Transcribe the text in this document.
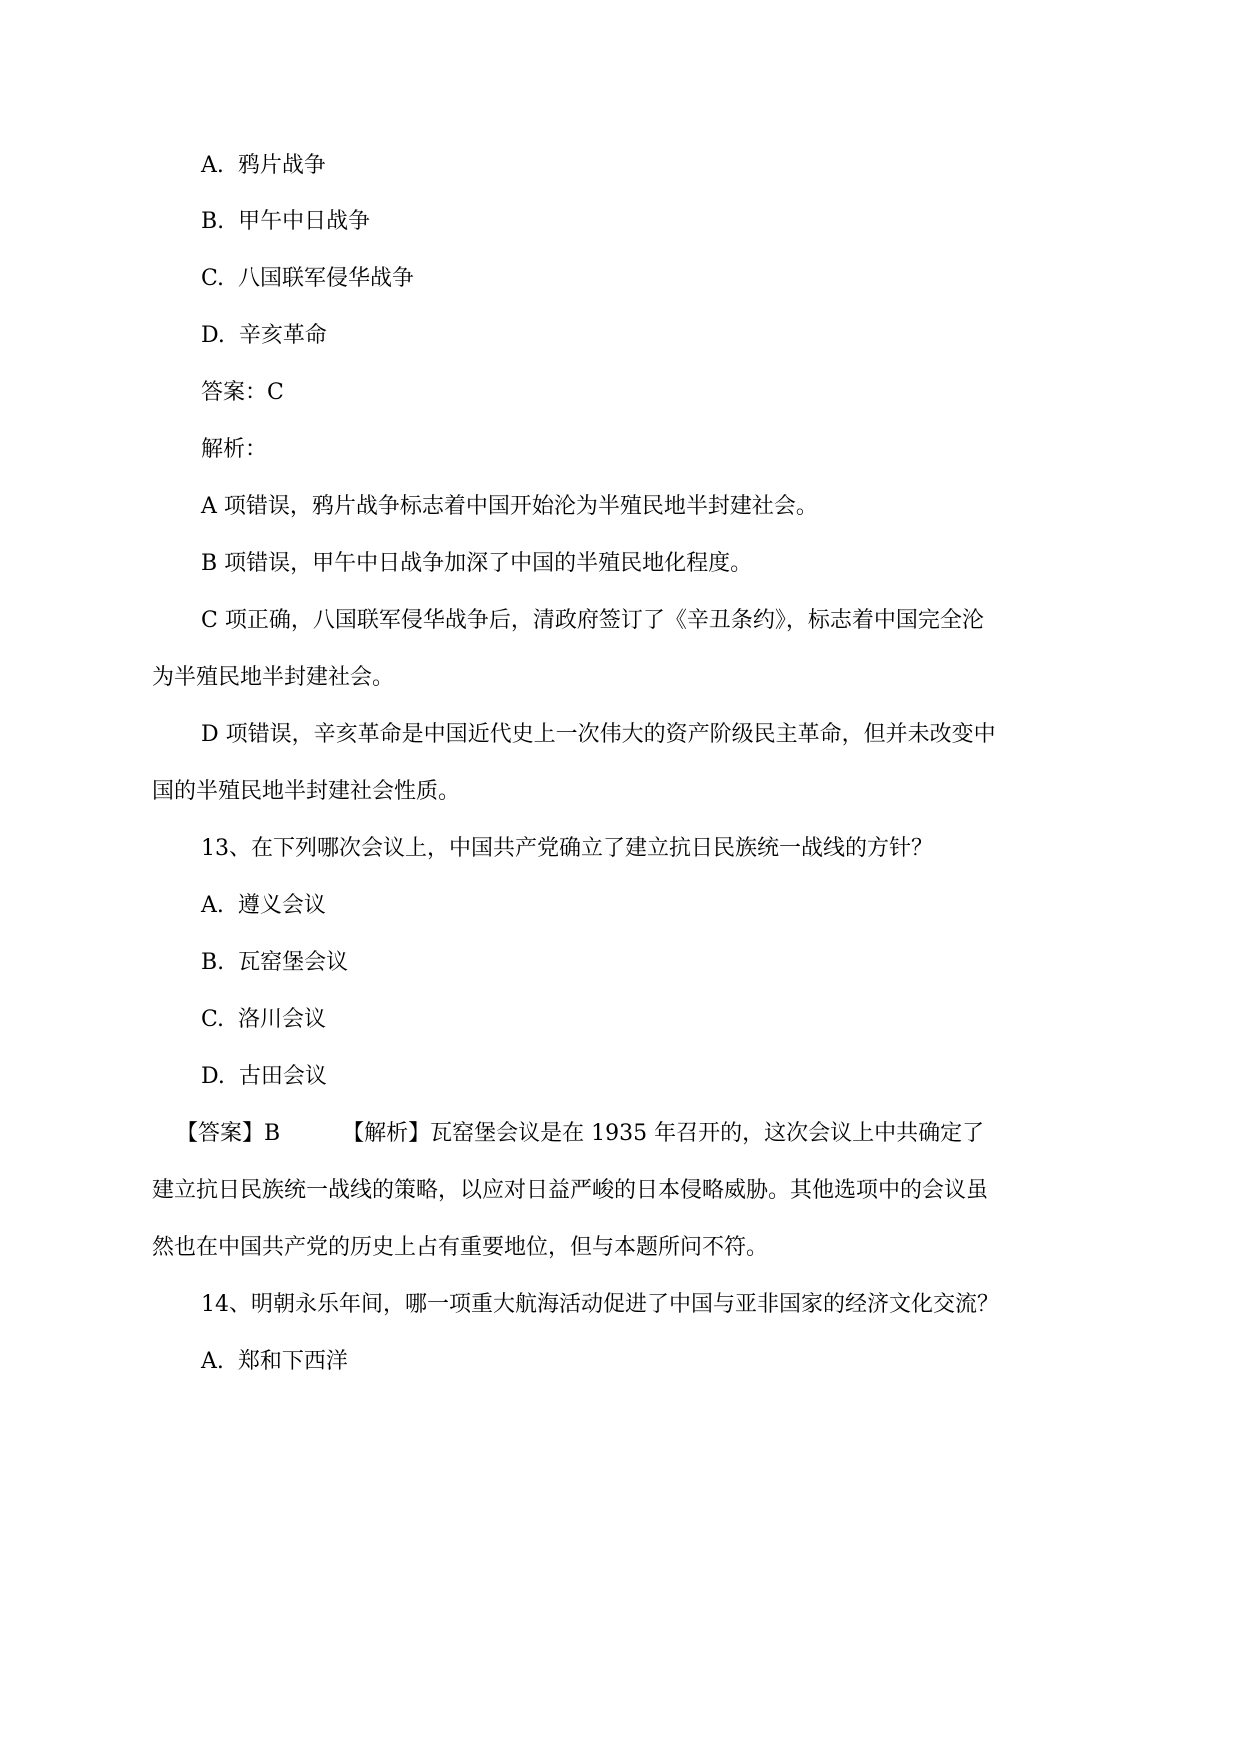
A. 鸦片战争

B. 甲午中日战争

C. 八国联军侵华战争

D. 辛亥革命

答案：C

解析：

A 项错误，鸦片战争标志着中国开始沦为半殖民地半封建社会。

B 项错误，甲午中日战争加深了中国的半殖民地化程度。

C 项正确，八国联军侵华战争后，清政府签订了《辛丑条约》，标志着中国完全沦

为半殖民地半封建社会。

D 项错误，辛亥革命是中国近代史上一次伟大的资产阶级民主革命，但并未改变中

国的半殖民地半封建社会性质。

13、在下列哪次会议上，中国共产党确立了建立抗日民族统一战线的方针？

A. 遵义会议

B. 瓦窑堡会议

C. 洛川会议

D. 古田会议

【答案】B	【解析】瓦窑堡会议是在 1935 年召开的，这次会议上中共确定了

建立抗日民族统一战线的策略，以应对日益严峻的日本侵略威胁。其他选项中的会议虽

然也在中国共产党的历史上占有重要地位，但与本题所问不符。

14、明朝永乐年间，哪一项重大航海活动促进了中国与亚非国家的经济文化交流？

A. 郑和下西洋
